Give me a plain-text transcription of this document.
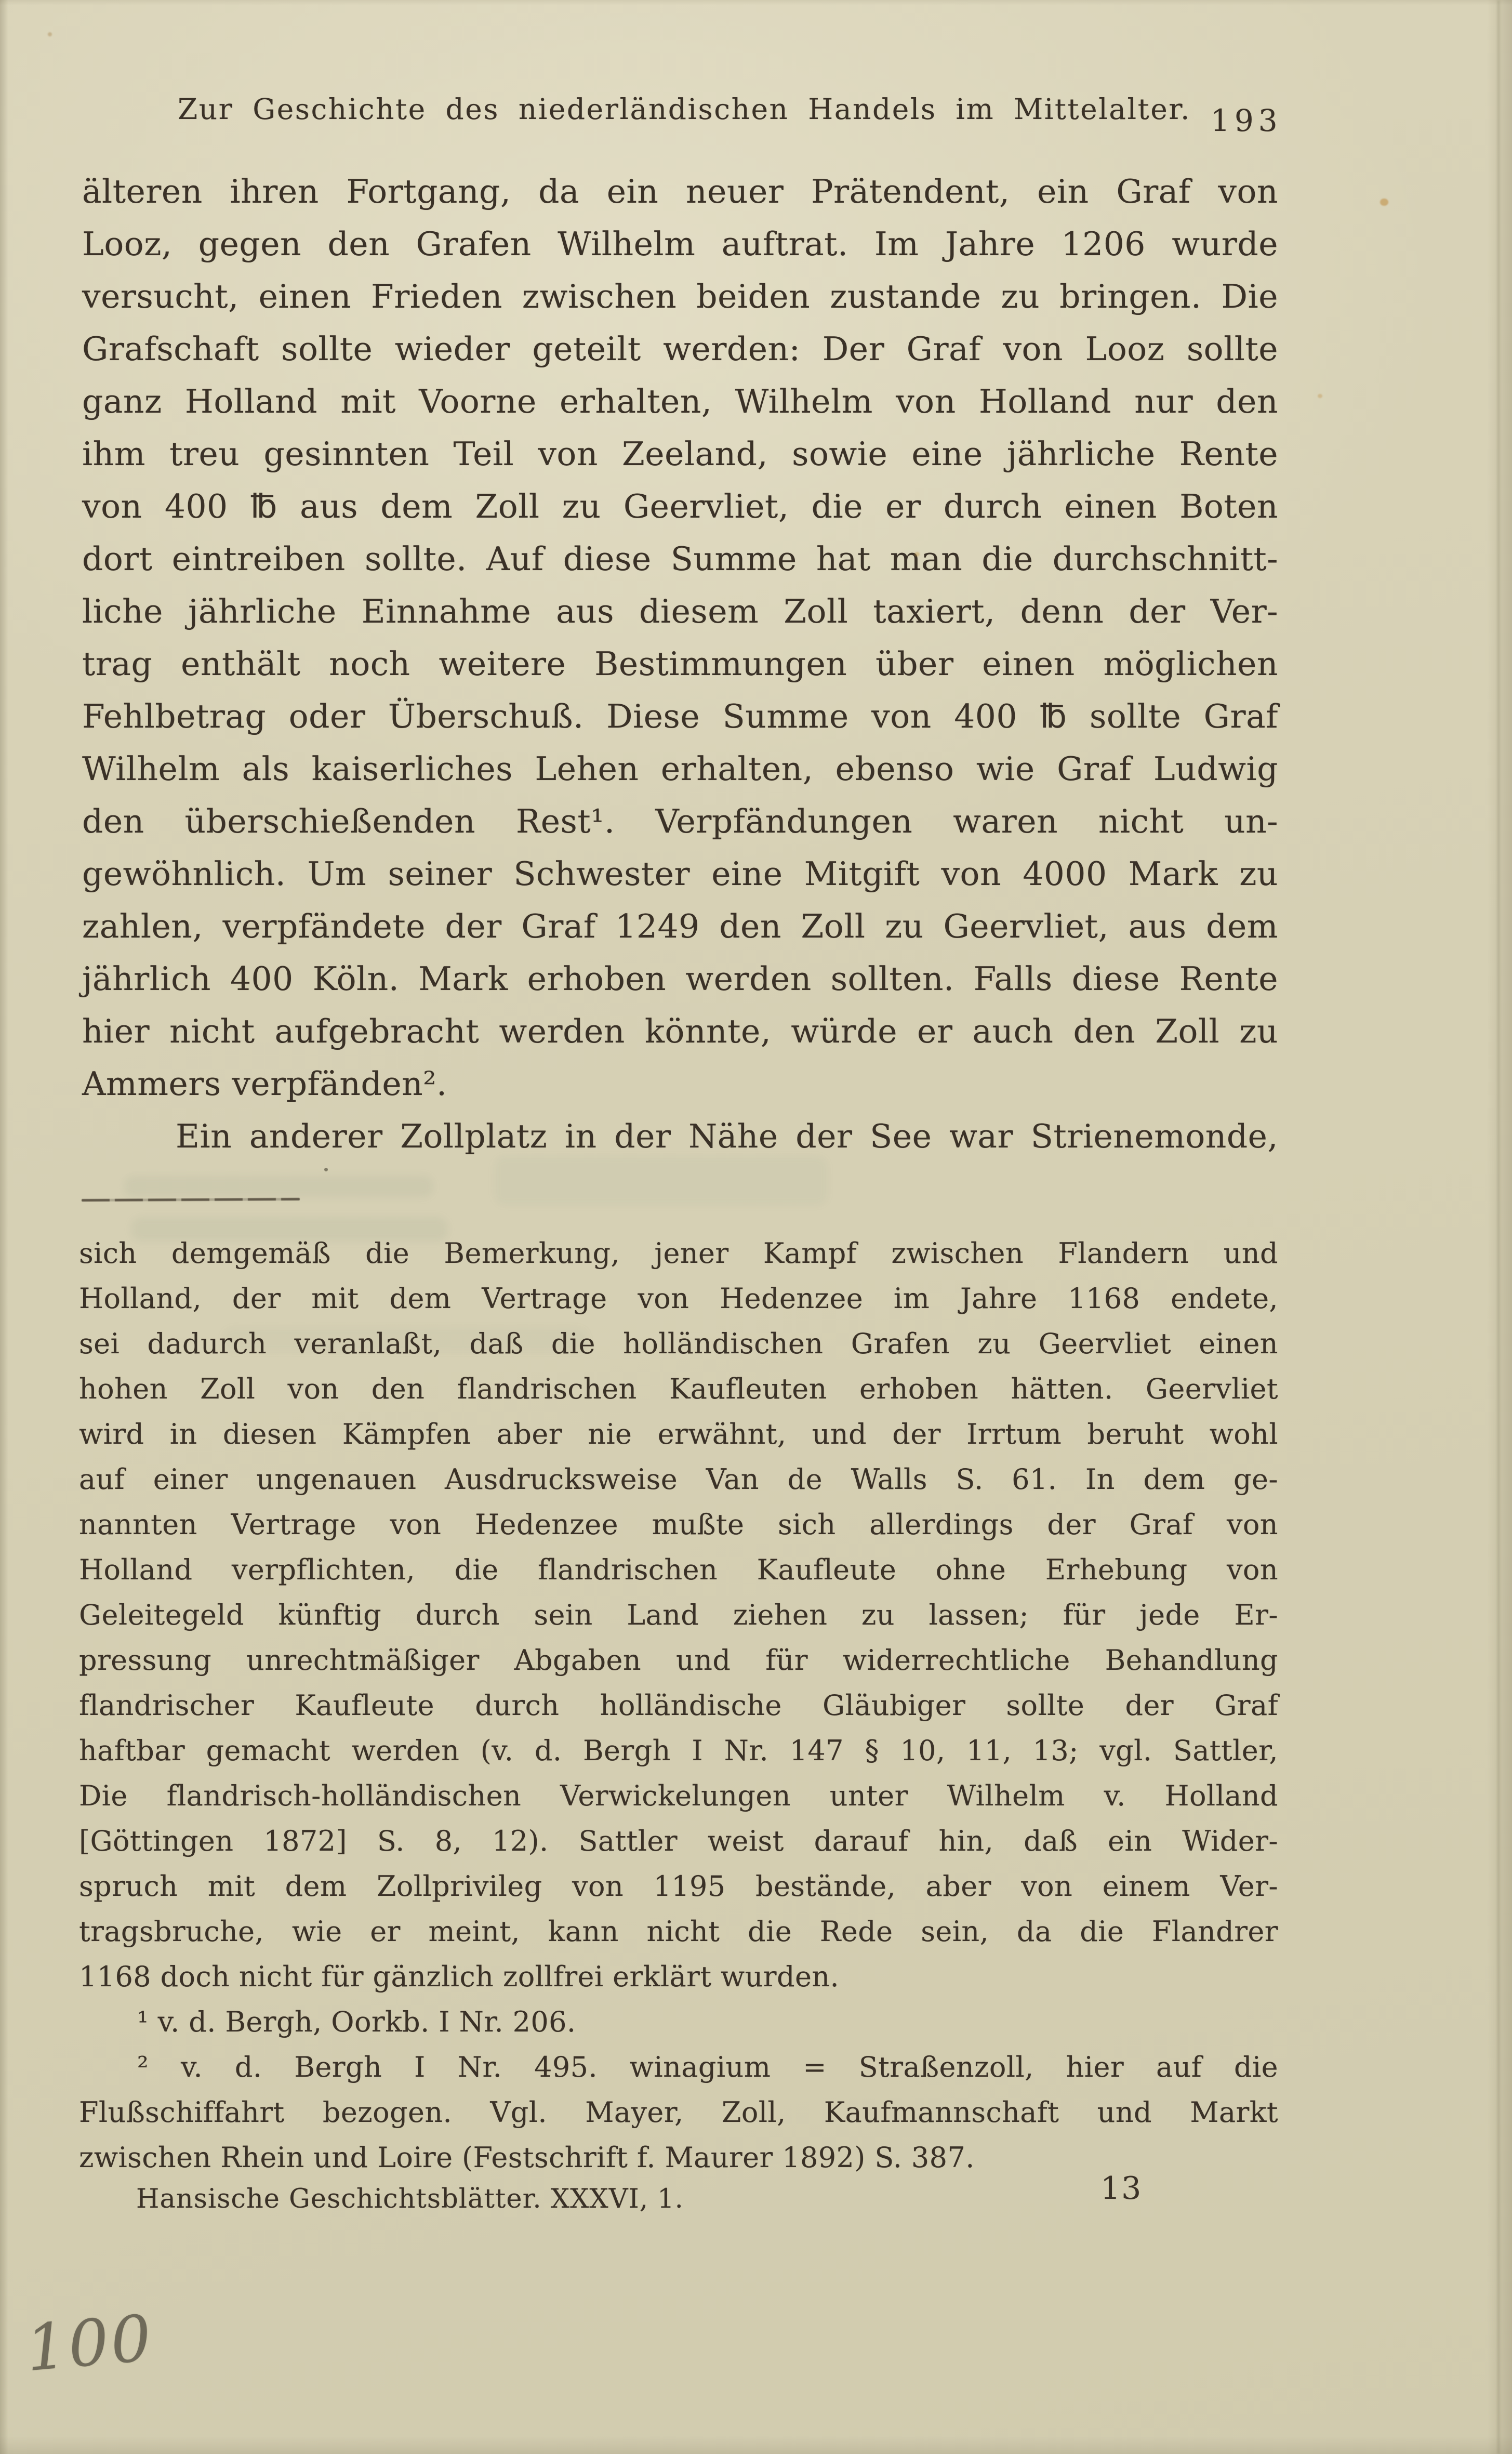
Zur Geschichte des niederländischen Handels im Mittelalter. 193
älteren ihren Fortgang, da ein neuer Prätendent, ein Graf von
Looz, gegen den Grafen Wilhelm auftrat. Im Jahre 1206 wurde
versucht, einen Frieden zwischen beiden zustande zu bringen. Die
Grafschaft sollte wieder geteilt werden: Der Graf von Looz sollte
ganz Holland mit Voorne erhalten, Wilhelm von Holland nur den
ihm treu gesinnten Teil von Zeeland, sowie eine jährliche Rente
von 400 ℔ aus dem Zoll zu Geervliet, die er durch einen Boten
dort eintreiben sollte. Auf diese Summe hat man die durchschnitt-
liche jährliche Einnahme aus diesem Zoll taxiert, denn der Ver-
trag enthält noch weitere Bestimmungen über einen möglichen
Fehlbetrag oder Überschuß. Diese Summe von 400 ℔ sollte Graf
Wilhelm als kaiserliches Lehen erhalten, ebenso wie Graf Ludwig
den überschießenden Rest¹. Verpfändungen waren nicht un-
gewöhnlich. Um seiner Schwester eine Mitgift von 4000 Mark zu
zahlen, verpfändete der Graf 1249 den Zoll zu Geervliet, aus dem
jährlich 400 Köln. Mark erhoben werden sollten. Falls diese Rente
hier nicht aufgebracht werden könnte, würde er auch den Zoll zu
Ammers verpfänden².
Ein anderer Zollplatz in der Nähe der See war Strienemonde,
sich demgemäß die Bemerkung, jener Kampf zwischen Flandern und
Holland, der mit dem Vertrage von Hedenzee im Jahre 1168 endete,
sei dadurch veranlaßt, daß die holländischen Grafen zu Geervliet einen
hohen Zoll von den flandrischen Kaufleuten erhoben hätten. Geervliet
wird in diesen Kämpfen aber nie erwähnt, und der Irrtum beruht wohl
auf einer ungenauen Ausdrucksweise Van de Walls S. 61. In dem ge-
nannten Vertrage von Hedenzee mußte sich allerdings der Graf von
Holland verpflichten, die flandrischen Kaufleute ohne Erhebung von
Geleitegeld künftig durch sein Land ziehen zu lassen; für jede Er-
pressung unrechtmäßiger Abgaben und für widerrechtliche Behandlung
flandrischer Kaufleute durch holländische Gläubiger sollte der Graf
haftbar gemacht werden (v. d. Bergh I Nr. 147 § 10, 11, 13; vgl. Sattler,
Die flandrisch-holländischen Verwickelungen unter Wilhelm v. Holland
[Göttingen 1872] S. 8, 12). Sattler weist darauf hin, daß ein Wider-
spruch mit dem Zollprivileg von 1195 bestände, aber von einem Ver-
tragsbruche, wie er meint, kann nicht die Rede sein, da die Flandrer
1168 doch nicht für gänzlich zollfrei erklärt wurden.
¹ v. d. Bergh, Oorkb. I Nr. 206.
² v. d. Bergh I Nr. 495. winagium = Straßenzoll, hier auf die
Flußschiffahrt bezogen. Vgl. Mayer, Zoll, Kaufmannschaft und Markt
zwischen Rhein und Loire (Festschrift f. Maurer 1892) S. 387.
Hansische Geschichtsblätter. XXXVI, 1.	13
100
